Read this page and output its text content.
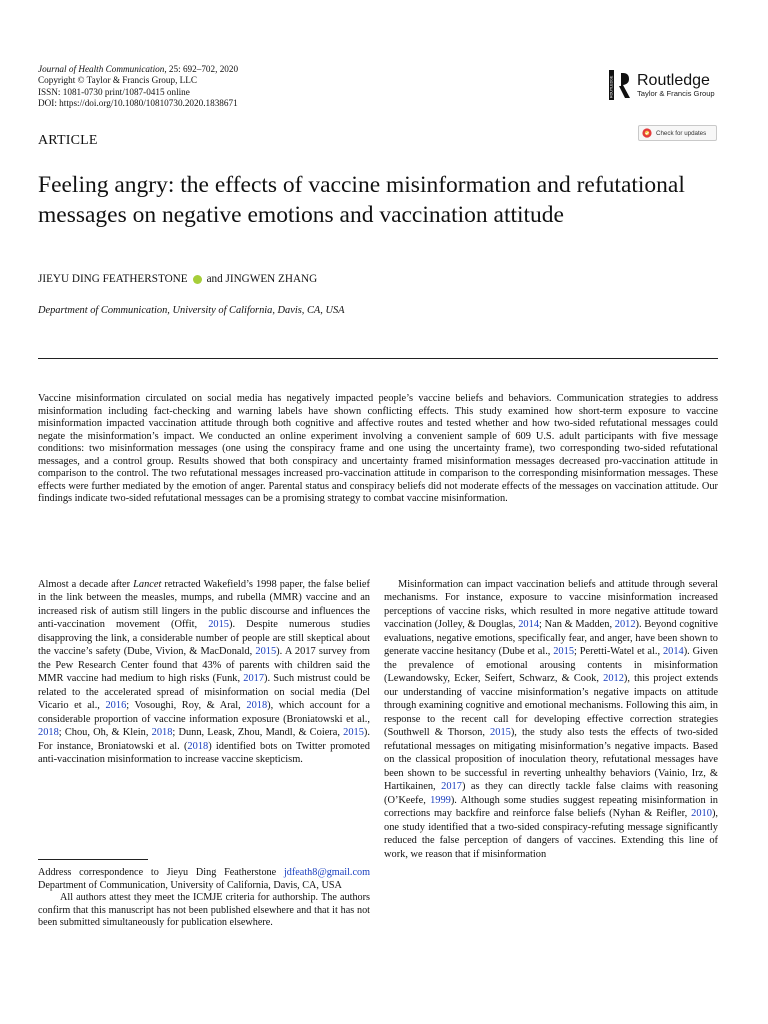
Journal of Health Communication, 25: 692–702, 2020
Copyright © Taylor & Francis Group, LLC
ISSN: 1081-0730 print/1087-0415 online
DOI: https://doi.org/10.1080/10810730.2020.1838671
ROUTLEDGE Routledge
Taylor & Francis Group
Check for updates
ARTICLE
Feeling angry: the effects of vaccine misinformation and refutational messages on negative emotions and vaccination attitude
JIEYU DING FEATHERSTONE and JINGWEN ZHANG
Department of Communication, University of California, Davis, CA, USA

Vaccine misinformation circulated on social media has negatively impacted people’s vaccine beliefs and behaviors. Communication strategies to address misinformation including fact-checking and warning labels have shown conflicting effects. This study examined how short-term exposure to vaccine misinformation impacted vaccination attitude through both cognitive and affective routes and tested whether and how two-sided refutational messages could negate the misinformation’s impact. We conducted an online experiment involving a convenient sample of 609 U.S. adult participants with five message conditions: two misinformation messages (one using the conspiracy frame and one using the uncertainty frame), two corresponding two-sided refutational messages, and a control group. Results showed that both conspiracy and uncertainty framed misinformation messages decreased pro-vaccination attitude in comparison to the control. The two refutational messages increased pro-vaccination attitude in comparison to the corresponding misinformation messages. These effects were further mediated by the emotion of anger. Parental status and conspiracy beliefs did not moderate effects of the messages on vaccination attitude. Our findings indicate two-sided refutational messages can be a promising strategy to combat vaccine misinformation.

Almost a decade after Lancet retracted Wakefield’s 1998 paper, the false belief in the link between the measles, mumps, and rubella (MMR) vaccine and an increased risk of autism still lingers in the public discourse and influences the anti-vaccination movement (Offit, 2015). Despite numerous studies disapproving the link, a considerable number of people are still skeptical about the vaccine’s safety (Dube, Vivion, & MacDonald, 2015). A 2017 survey from the Pew Research Center found that 43% of parents with children said the MMR vaccine had medium to high risks (Funk, 2017). Such mistrust could be related to the accelerated spread of misinformation on social media (Del Vicario et al., 2016; Vosoughi, Roy, & Aral, 2018), which account for a considerable proportion of vaccine information exposure (Broniatowski et al., 2018; Chou, Oh, & Klein, 2018; Dunn, Leask, Zhou, Mandl, & Coiera, 2015). For instance, Broniatowski et al. (2018) identified bots on Twitter promoted anti-vaccination misinformation to increase vaccine skepticism.

Misinformation can impact vaccination beliefs and attitude through several mechanisms. For instance, exposure to vaccine misinformation increased perceptions of vaccine risks, which resulted in more negative attitude toward vaccination (Jolley, & Douglas, 2014; Nan & Madden, 2012). Beyond cognitive evaluations, negative emotions, specifically fear, and anger, have been shown to generate vaccine hesitancy (Dube et al., 2015; Peretti-Watel et al., 2014). Given the prevalence of emotional arousing contents in misinformation (Lewandowsky, Ecker, Seifert, Schwarz, & Cook, 2012), this project extends our understanding of vaccine misinformation’s negative impacts on attitude through examining cognitive and emotional mechanisms. Following this aim, in response to the recent call for developing effective correction strategies (Southwell & Thorson, 2015), the study also tests the effects of two-sided refutational messages on mitigating misinformation’s negative impacts. Based on the classical proposition of inoculation theory, refutational messages have been shown to be successful in reverting unhealthy behaviors (Vainio, Irz, & Hartikainen, 2017) as they can directly tackle false claims with reasoning (O’Keefe, 1999). Although some studies suggest repeating misinformation in corrections may backfire and reinforce false beliefs (Nyhan & Reifler, 2010), one study identified that a two-sided conspiracy-refuting message significantly reduced the false perception of dangers of vaccines. Extending this line of work, we reason that if misinformation

Address correspondence to Jieyu Ding Featherstone jdfeath8@gmail.com Department of Communication, University of California, Davis, CA, USA

All authors attest they meet the ICMJE criteria for authorship. The authors confirm that this manuscript has not been published elsewhere and that it has not been submitted simultaneously for publication elsewhere.
